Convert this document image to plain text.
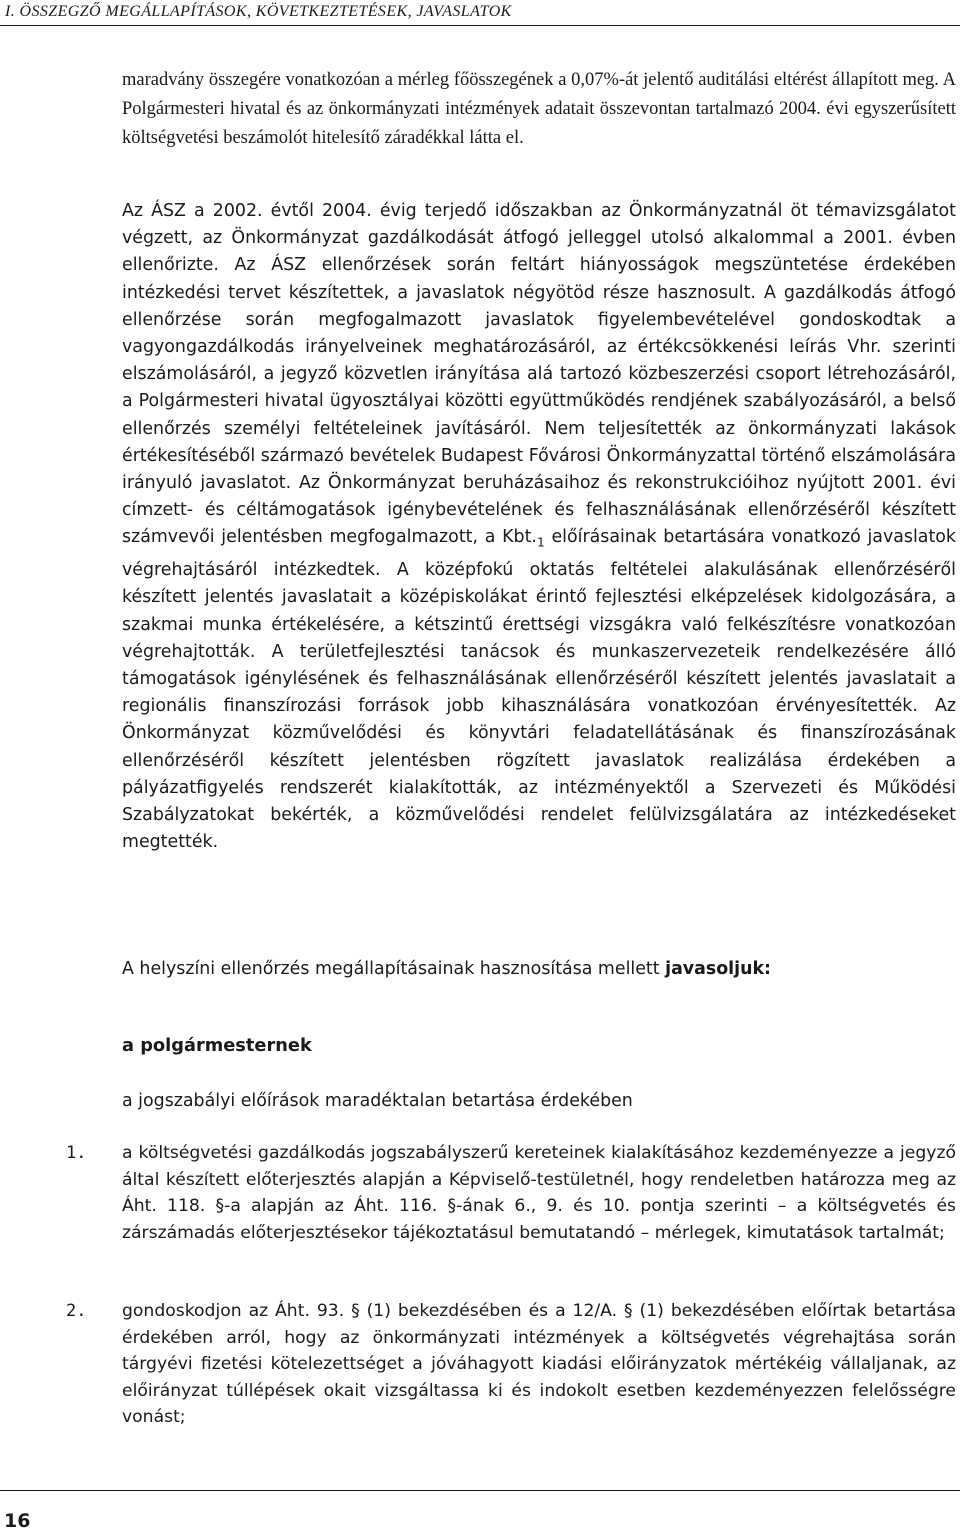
I. ÖSSZEGZŐ MEGÁLLAPÍTÁSOK, KÖVETKEZTETÉSEK, JAVASLATOK
maradvány összegére vonatkozóan a mérleg főösszegének a 0,07%-át jelentő auditálási eltérést állapított meg. A Polgármesteri hivatal és az önkormányzati intézmények adatait összevontan tartalmazó 2004. évi egyszerűsített költségvetési beszámolót hitelesítő záradékkal látta el.
Az ÁSZ a 2002. évtől 2004. évig terjedő időszakban az Önkormányzatnál öt témavizsgálatot végzett, az Önkormányzat gazdálkodását átfogó jelleggel utolsó alkalommal a 2001. évben ellenőrizte. Az ÁSZ ellenőrzések során feltárt hiányosságok megszüntetése érdekében intézkedési tervet készítettek, a javaslatok négyötöd része hasznosult. A gazdálkodás átfogó ellenőrzése során megfogalmazott javaslatok figyelembevételével gondoskodtak a vagyongazdálkodás irányelveinek meghatározásáról, az értékcsökkenési leírás Vhr. szerinti elszámolásáról, a jegyző közvetlen irányítása alá tartozó közbeszerzési csoport létrehozásáról, a Polgármesteri hivatal ügyosztályai közötti együttműködés rendjének szabályozásáról, a belső ellenőrzés személyi feltételeinek javításáról. Nem teljesítették az önkormányzati lakások értékesítéséből származó bevételek Budapest Fővárosi Önkormányzattal történő elszámolására irányuló javaslatot. Az Önkormányzat beruházásaihoz és rekonstrukcióihoz nyújtott 2001. évi címzett- és céltámogatások igénybevételének és felhasználásának ellenőrzéséről készített számvevői jelentésben megfogalmazott, a $Kbt._1$ előírásainak betartására vonatkozó javaslatok végrehajtásáról intézkedtek. A középfokú oktatás feltételei alakulásának ellenőrzéséről készített jelentés javaslatait a középiskolákat érintő fejlesztési elképzelések kidolgozására, a szakmai munka értékelésére, a kétszintű érettségi vizsgákra való felkészítésre vonatkozóan végrehajtották. A területfejlesztési tanácsok és munkaszervezeteik rendelkezésére álló támogatások igénylésének és felhasználásának ellenőrzéséről készített jelentés javaslatait a regionális finanszírozási források jobb kihasználására vonatkozóan érvényesítették. Az Önkormányzat közművelődési és könyvtári feladatellátásának és finanszírozásának ellenőrzéséről készített jelentésben rögzített javaslatok realizálása érdekében a pályázatfigyelés rendszerét kialakították, az intézményektől a Szervezeti és Működési Szabályzatokat bekérték, a közművelődési rendelet felülvizsgálatára az intézkedéseket megtették.
A helyszíni ellenőrzés megállapításainak hasznosítása mellett javasoljuk:
a polgármesternek
a jogszabályi előírások maradéktalan betartása érdekében
1. a költségvetési gazdálkodás jogszabályszerű kereteinek kialakításához kezdeményezze a jegyző által készített előterjesztés alapján a Képviselő-testületnél, hogy rendeletben határozza meg az Áht. 118. §-a alapján az Áht. 116. §-ának 6., 9. és 10. pontja szerinti – a költségvetés és zárszámadás előterjesztésekor tájékoztatásul bemutatandó – mérlegek, kimutatások tartalmát;
2. gondoskodjon az Áht. 93. § (1) bekezdésében és a 12/A. § (1) bekezdésében előírtak betartása érdekében arról, hogy az önkormányzati intézmények a költségvetés végrehajtása során tárgyévi fizetési kötelezettséget a jóváhagyott kiadási előirányzatok mértékéig vállaljanak, az előirányzat túllépések okait vizsgáltassa ki és indokolt esetben kezdeményezzen felelősségre vonást;
16
